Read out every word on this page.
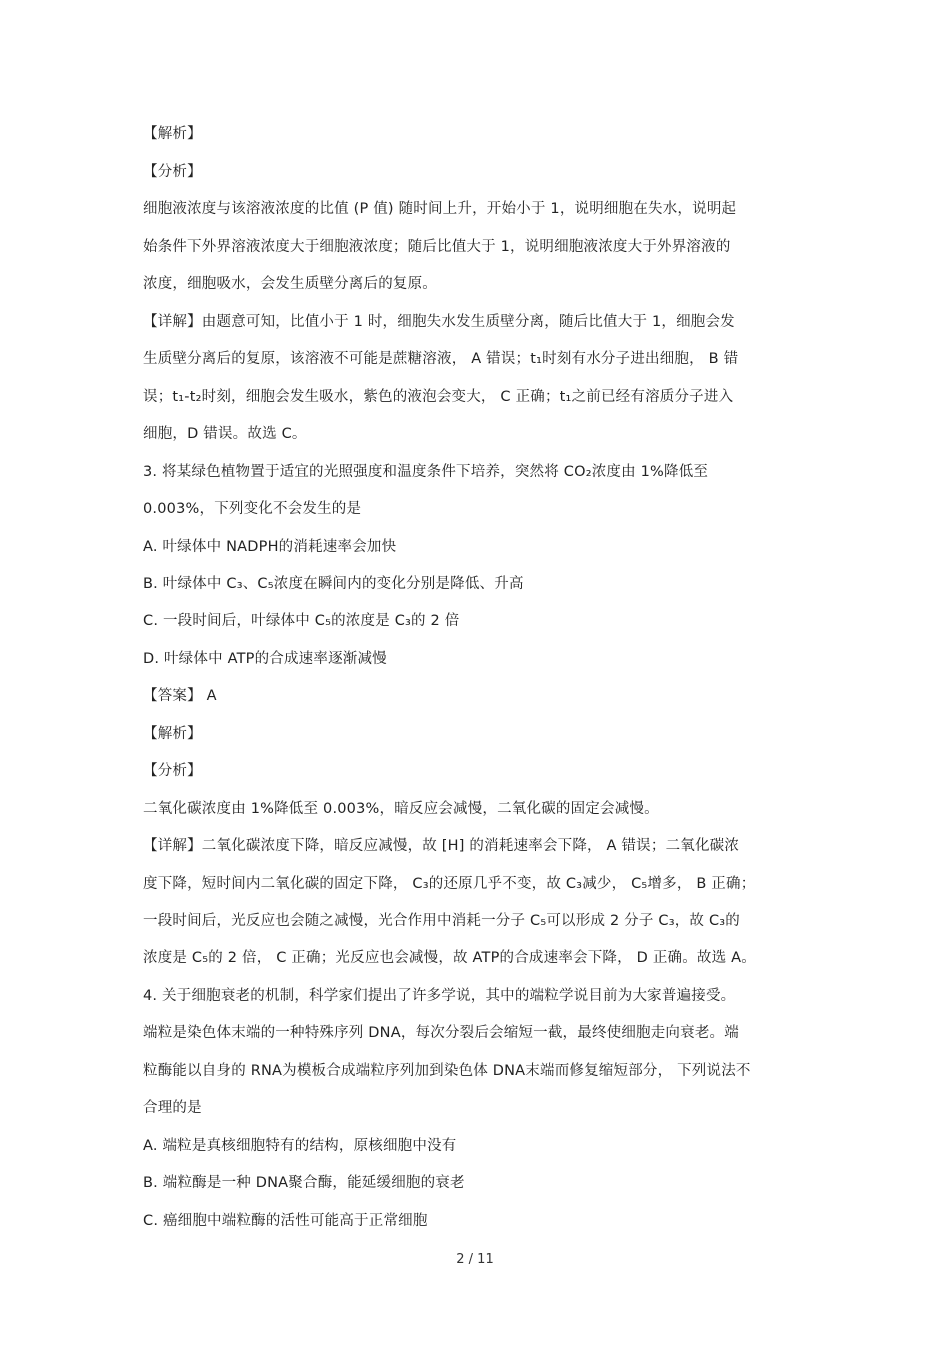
【解析】
【分析】
细胞液浓度与该溶液浓度的比值 (P 值) 随时间上升，开始小于 1，说明细胞在失水，说明起
始条件下外界溶液浓度大于细胞液浓度；随后比值大于 1，说明细胞液浓度大于外界溶液的
浓度，细胞吸水，会发生质壁分离后的复原。
【详解】由题意可知，比值小于 1 时，细胞失水发生质壁分离，随后比值大于 1，细胞会发
生质壁分离后的复原，该溶液不可能是蔗糖溶液， A 错误；t₁时刻有水分子进出细胞， B 错
误；t₁-t₂时刻，细胞会发生吸水，紫色的液泡会变大， C 正确；t₁之前已经有溶质分子进入
细胞，D 错误。故选 C。
3. 将某绿色植物置于适宜的光照强度和温度条件下培养，突然将 CO₂浓度由 1%降低至
0.003%，下列变化不会发生的是
A. 叶绿体中 NADPH的消耗速率会加快
B. 叶绿体中 C₃、C₅浓度在瞬间内的变化分别是降低、升高
C. 一段时间后，叶绿体中 C₅的浓度是 C₃的 2 倍
D. 叶绿体中 ATP的合成速率逐渐减慢
【答案】 A
【解析】
【分析】
二氧化碳浓度由 1%降低至 0.003%，暗反应会减慢，二氧化碳的固定会减慢。
【详解】二氧化碳浓度下降，暗反应减慢，故 [H] 的消耗速率会下降， A 错误；二氧化碳浓
度下降，短时间内二氧化碳的固定下降， C₃的还原几乎不变，故 C₃减少， C₅增多， B 正确；
一段时间后，光反应也会随之减慢，光合作用中消耗一分子 C₅可以形成 2 分子 C₃，故 C₃的
浓度是 C₅的 2 倍， C 正确；光反应也会减慢，故 ATP的合成速率会下降， D 正确。故选 A。
4. 关于细胞衰老的机制，科学家们提出了许多学说，其中的端粒学说目前为大家普遍接受。
端粒是染色体末端的一种特殊序列 DNA，每次分裂后会缩短一截，最终使细胞走向衰老。端
粒酶能以自身的 RNA为模板合成端粒序列加到染色体 DNA末端而修复缩短部分， 下列说法不
合理的是
A. 端粒是真核细胞特有的结构，原核细胞中没有
B. 端粒酶是一种 DNA聚合酶，能延缓细胞的衰老
C. 癌细胞中端粒酶的活性可能高于正常细胞
2 / 11
